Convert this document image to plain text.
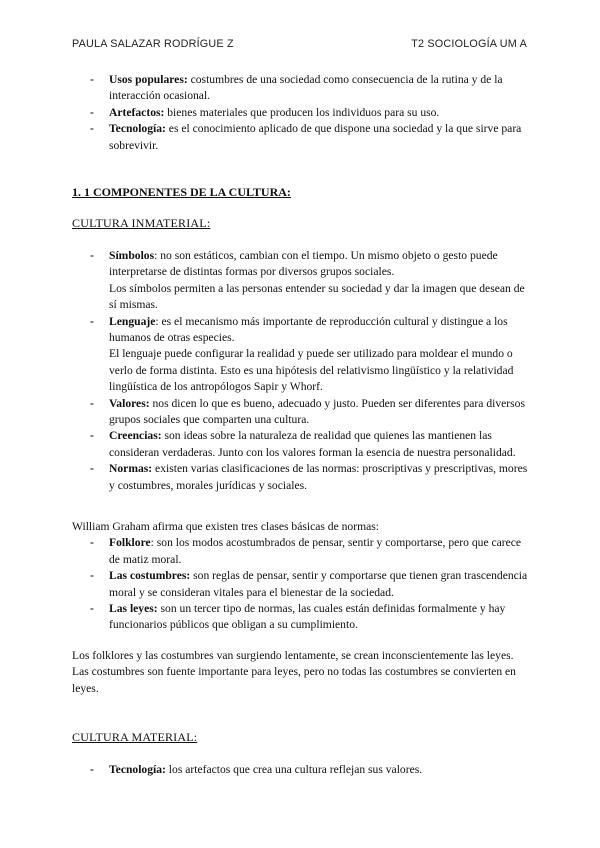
PAULA SALAZAR RODRÍGUE Z	T2 SOCIOLOGÍA UM A
- Usos populares: costumbres de una sociedad como consecuencia de la rutina y de la interacción ocasional.
- Artefactos: bienes materiales que producen los individuos para su uso.
- Tecnología: es el conocimiento aplicado de que dispone una sociedad y la que sirve para sobrevivir.
1. 1 COMPONENTES DE LA CULTURA:
CULTURA INMATERIAL:
- Símbolos: no son estáticos, cambian con el tiempo. Un mismo objeto o gesto puede interpretarse de distintas formas por diversos grupos sociales.
Los símbolos permiten a las personas entender su sociedad y dar la imagen que desean de sí mismas.
- Lenguaje: es el mecanismo más importante de reproducción cultural y distingue a los humanos de otras especies.
El lenguaje puede configurar la realidad y puede ser utilizado para moldear el mundo o verlo de forma distinta. Esto es una hipótesis del relativismo lingüístico y la relatividad lingüística de los antropólogos Sapir y Whorf.
- Valores: nos dicen lo que es bueno, adecuado y justo. Pueden ser diferentes para diversos grupos sociales que comparten una cultura.
- Creencias: son ideas sobre la naturaleza de realidad que quienes las mantienen las consideran verdaderas. Junto con los valores forman la esencia de nuestra personalidad.
- Normas: existen varias clasificaciones de las normas: proscriptivas y prescriptivas, mores y costumbres, morales jurídicas y sociales.

William Graham afirma que existen tres clases básicas de normas:

- Folklore: son los modos acostumbrados de pensar, sentir y comportarse, pero que carece de matiz moral.
- Las costumbres: son reglas de pensar, sentir y comportarse que tienen gran trascendencia moral y se consideran vitales para el bienestar de la sociedad.
- Las leyes: son un tercer tipo de normas, las cuales están definidas formalmente y hay funcionarios públicos que obligan a su cumplimiento.

Los folklores y las costumbres van surgiendo lentamente, se crean inconscientemente las leyes.

Las costumbres son fuente importante para leyes, pero no todas las costumbres se convierten en leyes.

CULTURA MATERIAL:
- Tecnología: los artefactos que crea una cultura reflejan sus valores.
